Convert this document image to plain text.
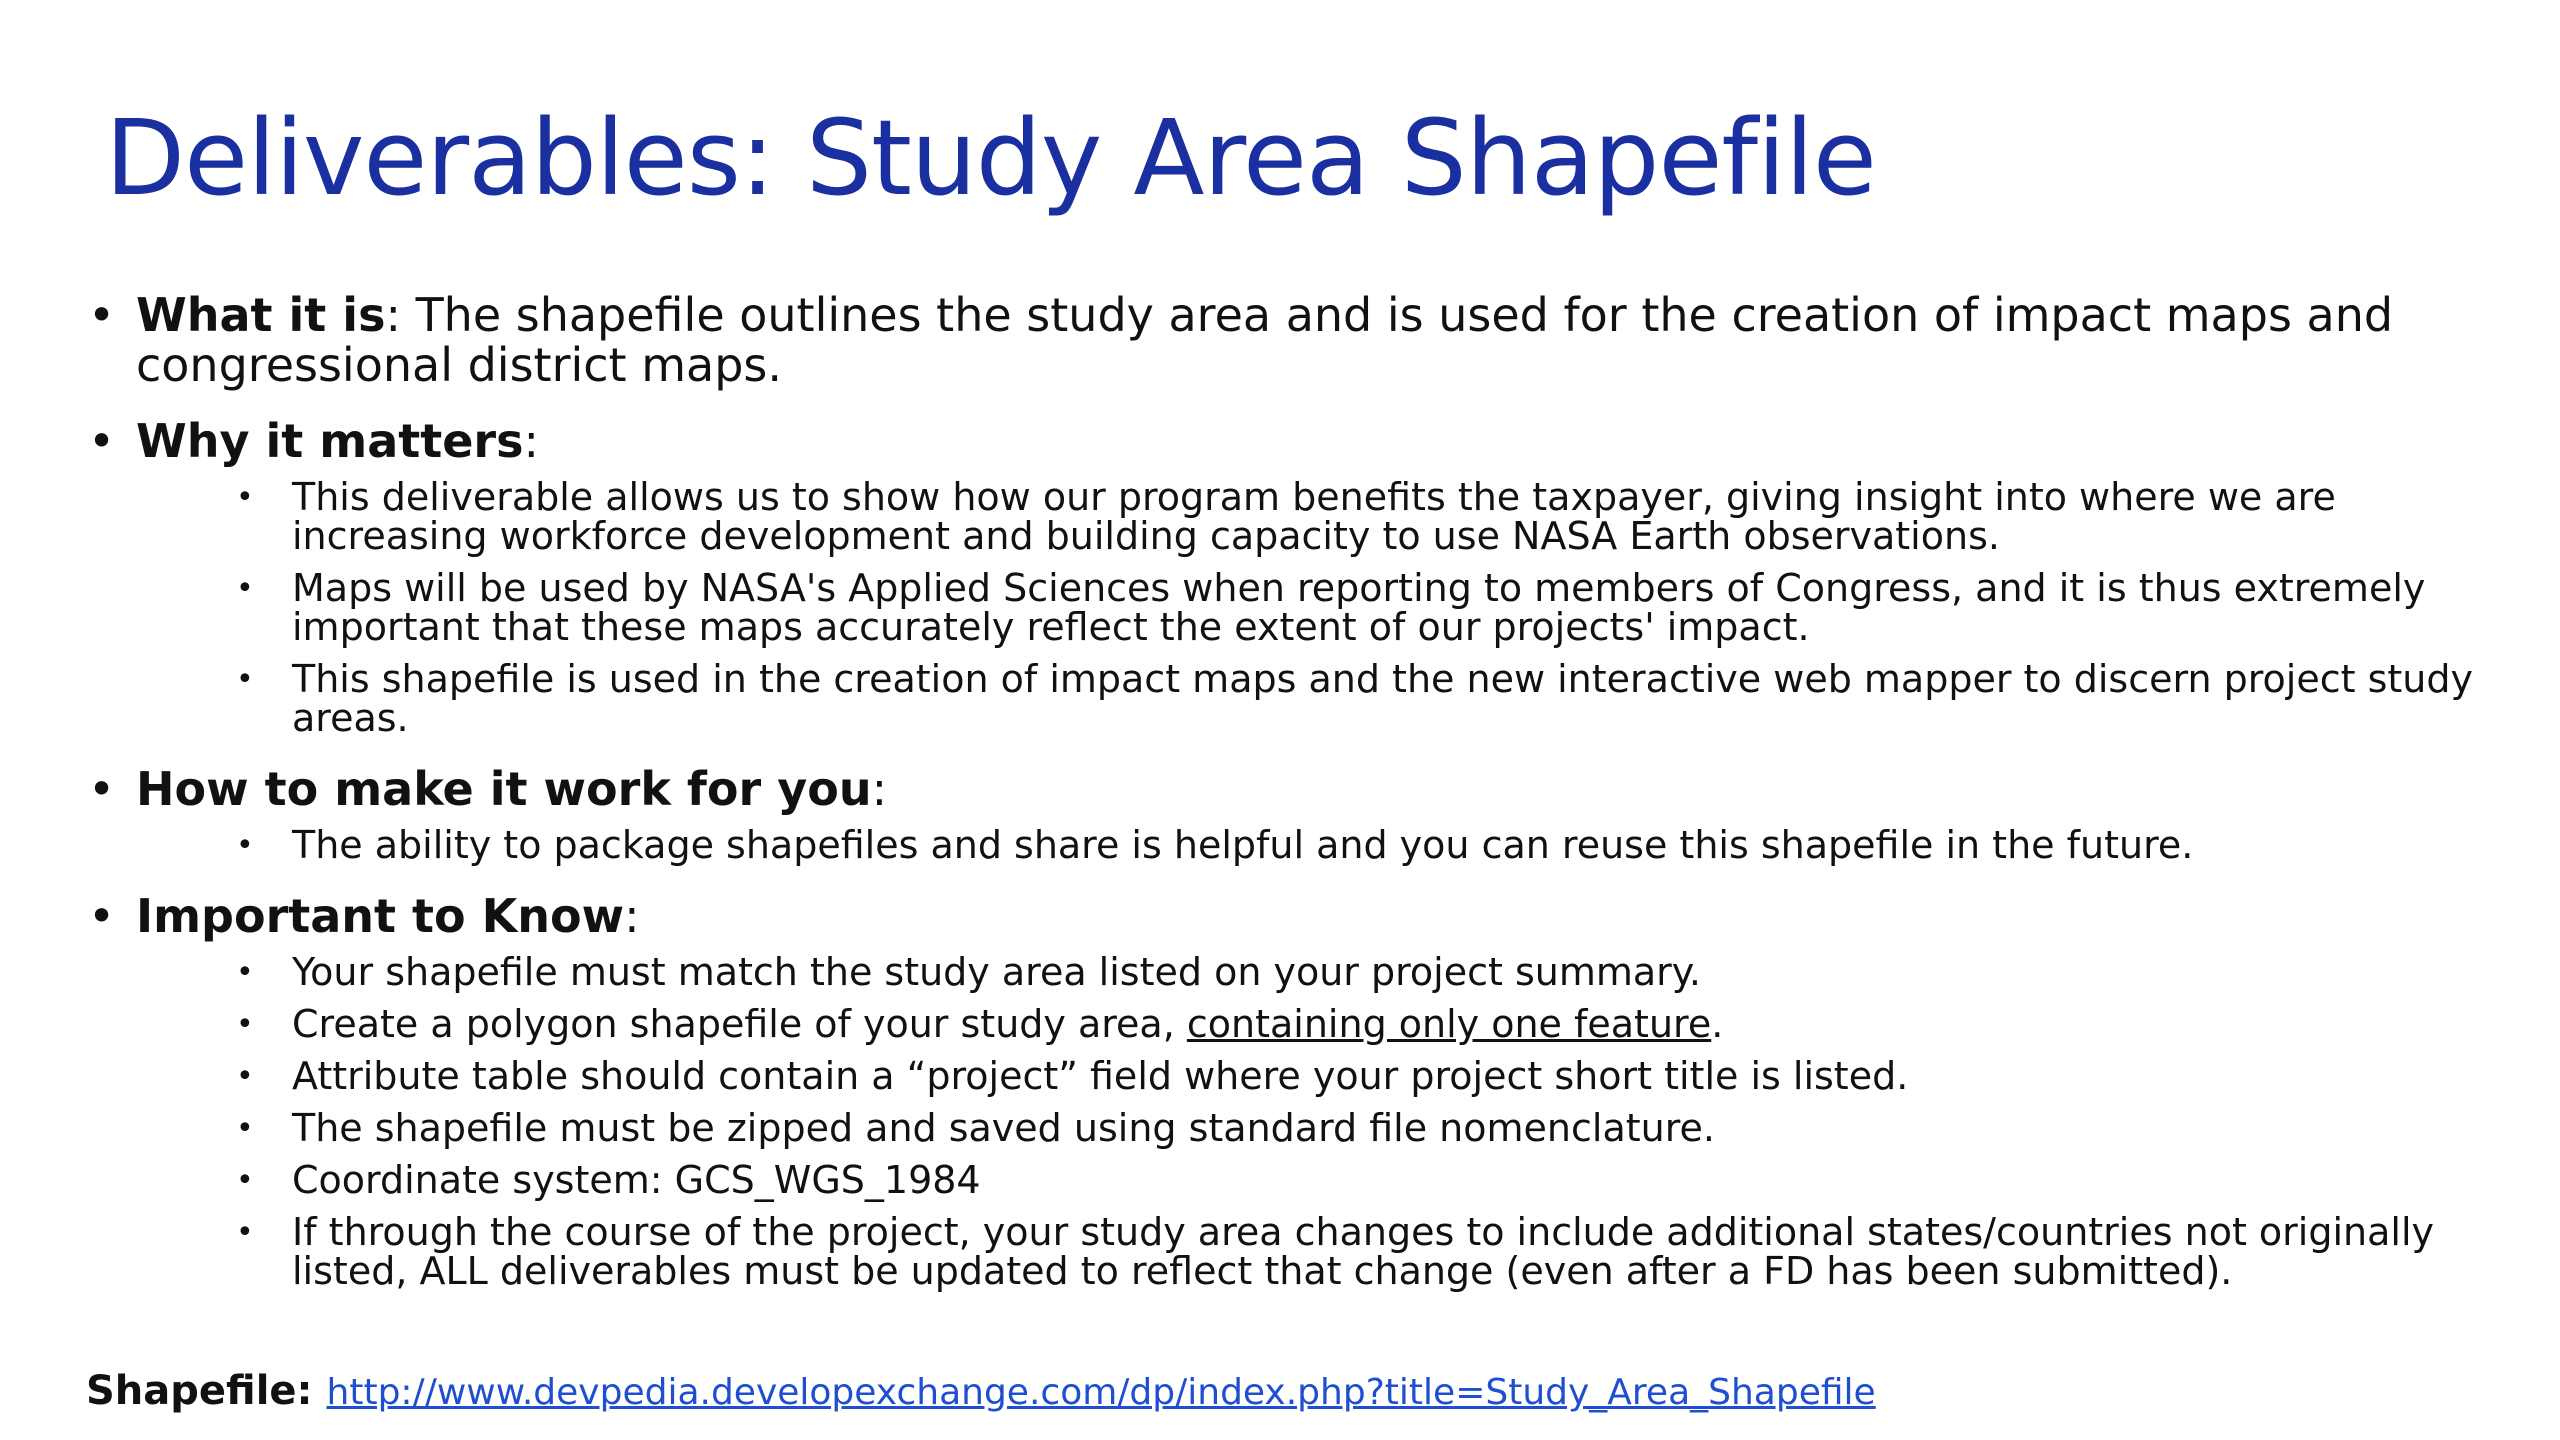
Deliverables: Study Area Shapefile
• What it is: The shapefile outlines the study area and is used for the creation of impact maps and congressional district maps.
• Why it matters:
•	This deliverable allows us to show how our program benefits the taxpayer, giving insight into where we are increasing workforce development and building capacity to use NASA Earth observations.
•	Maps will be used by NASA's Applied Sciences when reporting to members of Congress, and it is thus extremely important that these maps accurately reflect the extent of our projects' impact.
•	This shapefile is used in the creation of impact maps and the new interactive web mapper to discern project study areas.
• How to make it work for you:
•	The ability to package shapefiles and share is helpful and you can reuse this shapefile in the future.
• Important to Know:
•	Your shapefile must match the study area listed on your project summary.
•	Create a polygon shapefile of your study area, containing only one feature.
•	Attribute table should contain a “project” field where your project short title is listed.
•	The shapefile must be zipped and saved using standard file nomenclature.
•	Coordinate system: GCS_WGS_1984
•	If through the course of the project, your study area changes to include additional states/countries not originally listed, ALL deliverables must be updated to reflect that change (even after a FD has been submitted).
Shapefile: http://www.devpedia.developexchange.com/dp/index.php?title=Study_Area_Shapefile
